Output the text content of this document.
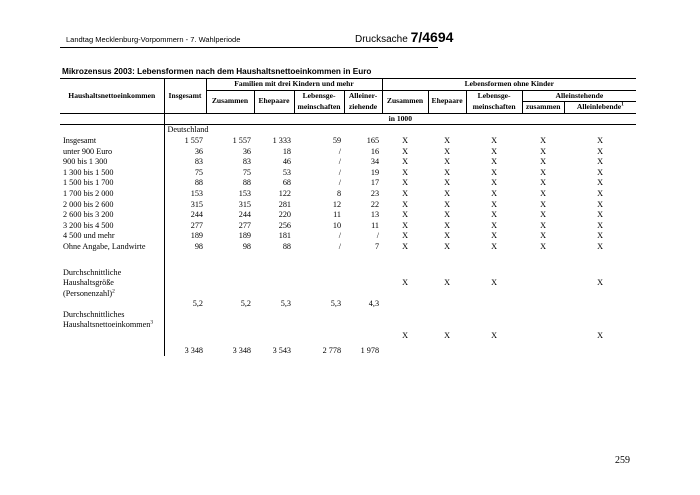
Landtag Mecklenburg-Vorpommern - 7. Wahlperiode	Drucksache 7/4694
Mikrozensus 2003: Lebensformen nach dem Haushaltsnettoeinkommen in Euro
Haushaltsnettoeinkommen	Insgesamt	Familien mit drei Kindern und mehr				Lebensformen ohne Kinder				
		Zusammen	Ehepaare	Lebensge-
meinschaften	Alleiner-
ziehende	Zusammen	Ehepaare	Lebensge-
meinschaften	Alleinstehende	
									zusammen	Alleinlebende$^1$
	in 1000									
	Deutschland									
Insgesamt	1 557	1 557	1 333	59	165	X	X	X	X	X
unter 900 Euro	36	36	18	/	16	X	X	X	X	X
900 bis 1 300	83	83	46	/	34	X	X	X	X	X
1 300 bis 1 500	75	75	53	/	19	X	X	X	X	X
1 500 bis 1 700	88	88	68	/	17	X	X	X	X	X
1 700 bis 2 000	153	153	122	8	23	X	X	X	X	X
2 000 bis 2 600	315	315	281	12	22	X	X	X	X	X
2 600 bis 3 200	244	244	220	11	13	X	X	X	X	X
3 200 bis 4 500	277	277	256	10	11	X	X	X	X	X
4 500 und mehr	189	189	181	/	/	X	X	X	X	X
Ohne Angabe, Landwirte	98	98	88	/	7	X	X	X	X	X

Durchschnittliche										
Haushaltsgröße						X	X	X		X
(Personenzahl)$^2$
	5,2	5,2	5,3	5,3	4,3					
Durchschnittliches										
Haushaltsnettoeinkommen$^3$
						X	X	X		X

	3 348	3 348	3 543	2 778	1 978					
259
